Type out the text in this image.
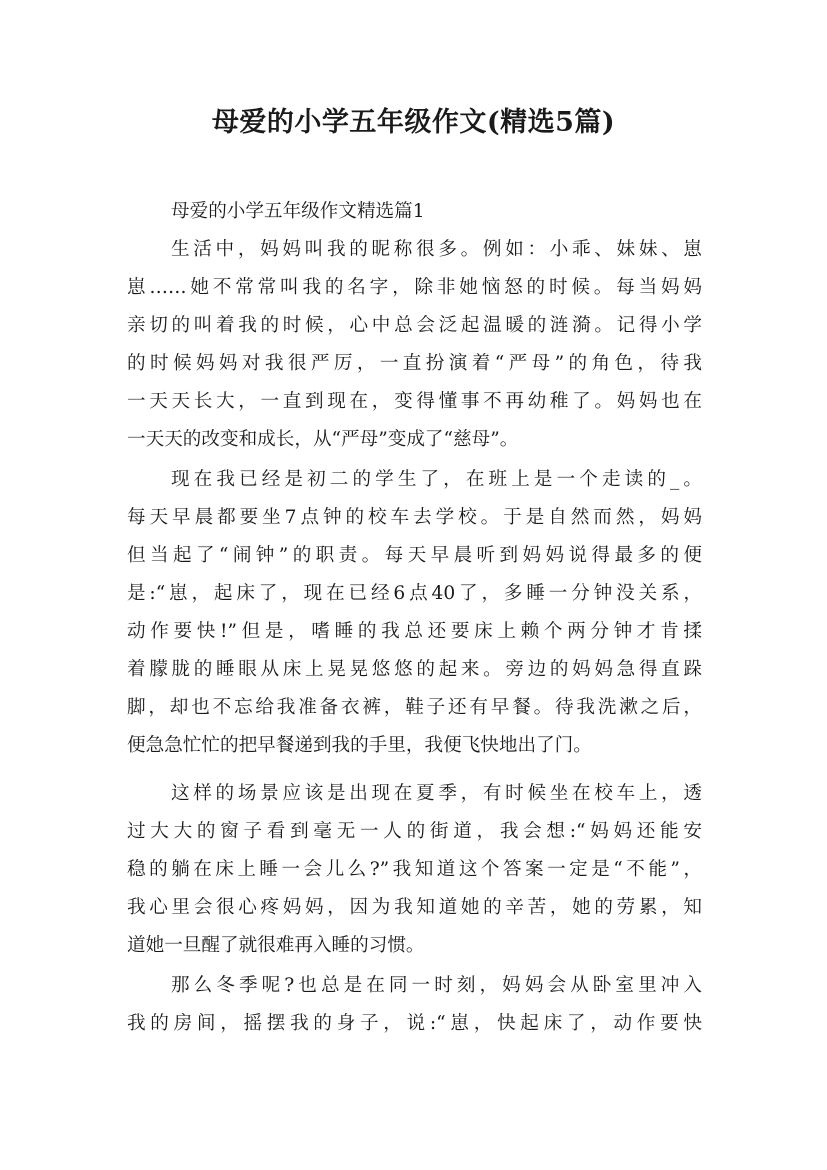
母爱的小学五年级作文(精选5篇)

母爱的小学五年级作文精选篇1

生活中，妈妈叫我的昵称很多。例如：小乖、妹妹、崽

崽……她不常常叫我的名字，除非她恼怒的时候。每当妈妈

亲切的叫着我的时候，心中总会泛起温暖的涟漪。记得小学

的时候妈妈对我很严厉，一直扮演着“严母”的角色，待我

一天天长大，一直到现在，变得懂事不再幼稚了。妈妈也在

一天天的改变和成长，从“严母”变成了“慈母”。

现在我已经是初二的学生了，在班上是一个走读的_。

每天早晨都要坐7点钟的校车去学校。于是自然而然，妈妈

但当起了“闹钟”的职责。每天早晨听到妈妈说得最多的便

是:“崽，起床了，现在已经6点40了，多睡一分钟没关系，

动作要快!”但是，嗜睡的我总还要床上赖个两分钟才肯揉

着朦胧的睡眼从床上晃晃悠悠的起来。旁边的妈妈急得直跺

脚，却也不忘给我准备衣裤，鞋子还有早餐。待我洗漱之后，

便急急忙忙的把早餐递到我的手里，我便飞快地出了门。

这样的场景应该是出现在夏季，有时候坐在校车上，透

过大大的窗子看到毫无一人的街道，我会想:“妈妈还能安

稳的躺在床上睡一会儿么?”我知道这个答案一定是“不能”，

我心里会很心疼妈妈，因为我知道她的辛苦，她的劳累，知

道她一旦醒了就很难再入睡的习惯。

那么冬季呢?也总是在同一时刻，妈妈会从卧室里冲入

我的房间，摇摆我的身子，说:“崽，快起床了，动作要快
